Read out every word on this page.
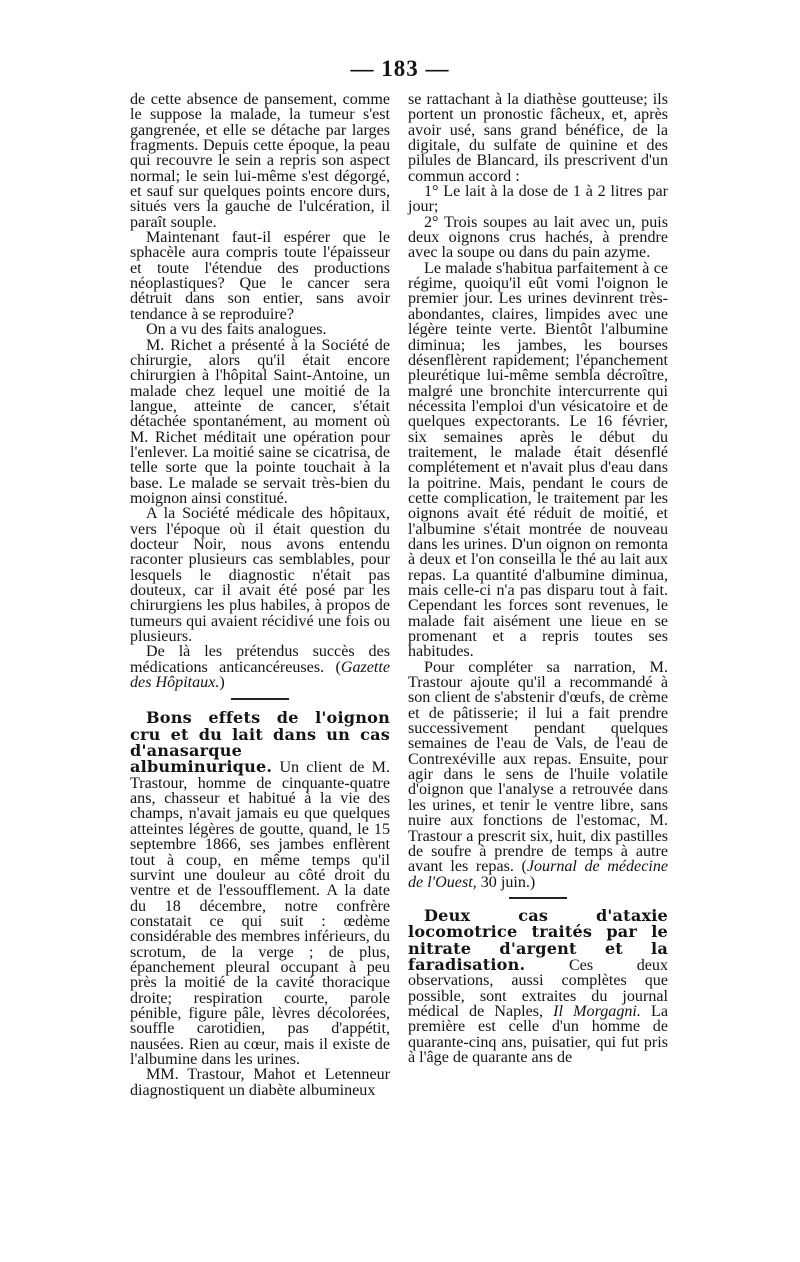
— 183 —

de cette absence de pansement, comme le suppose la malade, la tumeur s'est gangrenée, et elle se détache par larges fragments. Depuis cette époque, la peau qui recouvre le sein a repris son aspect normal; le sein lui-même s'est dégorgé, et sauf sur quelques points encore durs, situés vers la gauche de l'ulcération, il paraît souple.

Maintenant faut-il espérer que le sphacèle aura compris toute l'épaisseur et toute l'étendue des productions néoplastiques? Que le cancer sera détruit dans son entier, sans avoir tendance à se reproduire?

On a vu des faits analogues.

M. Richet a présenté à la Société de chirurgie, alors qu'il était encore chirurgien à l'hôpital Saint-Antoine, un malade chez lequel une moitié de la langue, atteinte de cancer, s'était détachée spontanément, au moment où M. Richet méditait une opération pour l'enlever. La moitié saine se cicatrisa, de telle sorte que la pointe touchait à la base. Le malade se servait très-bien du moignon ainsi constitué.

A la Société médicale des hôpitaux, vers l'époque où il était question du docteur Noir, nous avons entendu raconter plusieurs cas semblables, pour lesquels le diagnostic n'était pas douteux, car il avait été posé par les chirurgiens les plus habiles, à propos de tumeurs qui avaient récidivé une fois ou plusieurs.

De là les prétendus succès des médications anticancéreuses. (Gazette des Hôpitaux.)

Bons effets de l'oignon cru et du lait dans un cas d'anasarque albuminurique. Un client de M. Trastour, homme de cinquante-quatre ans, chasseur et habitué à la vie des champs, n'avait jamais eu que quelques atteintes légères de goutte, quand, le 15 septembre 1866, ses jambes enflèrent tout à coup, en même temps qu'il survint une douleur au côté droit du ventre et de l'essoufflement. A la date du 18 décembre, notre confrère constatait ce qui suit : œdème considérable des membres inférieurs, du scrotum, de la verge ; de plus, épanchement pleural occupant à peu près la moitié de la cavité thoracique droite; respiration courte, parole pénible, figure pâle, lèvres décolorées, souffle carotidien, pas d'appétit, nausées. Rien au cœur, mais il existe de l'albumine dans les urines.

MM. Trastour, Mahot et Letenneur diagnostiquent un diabète albumineux

se rattachant à la diathèse goutteuse; ils portent un pronostic fâcheux, et, après avoir usé, sans grand bénéfice, de la digitale, du sulfate de quinine et des pilules de Blancard, ils prescrivent d'un commun accord :

1° Le lait à la dose de 1 à 2 litres par jour;

2° Trois soupes au lait avec un, puis deux oignons crus hachés, à prendre avec la soupe ou dans du pain azyme.

Le malade s'habitua parfaitement à ce régime, quoiqu'il eût vomi l'oignon le premier jour. Les urines devinrent très-abondantes, claires, limpides avec une légère teinte verte. Bientôt l'albumine diminua; les jambes, les bourses désenflèrent rapidement; l'épanchement pleurétique lui-même sembla décroître, malgré une bronchite intercurrente qui nécessita l'emploi d'un vésicatoire et de quelques expectorants. Le 16 février, six semaines après le début du traitement, le malade était désenflé complétement et n'avait plus d'eau dans la poitrine. Mais, pendant le cours de cette complication, le traitement par les oignons avait été réduit de moitié, et l'albumine s'était montrée de nouveau dans les urines. D'un oignon on remonta à deux et l'on conseilla le thé au lait aux repas. La quantité d'albumine diminua, mais celle-ci n'a pas disparu tout à fait. Cependant les forces sont revenues, le malade fait aisément une lieue en se promenant et a repris toutes ses habitudes.

Pour compléter sa narration, M. Trastour ajoute qu'il a recommandé à son client de s'abstenir d'œufs, de crème et de pâtisserie; il lui a fait prendre successivement pendant quelques semaines de l'eau de Vals, de l'eau de Contrexéville aux repas. Ensuite, pour agir dans le sens de l'huile volatile d'oignon que l'analyse a retrouvée dans les urines, et tenir le ventre libre, sans nuire aux fonctions de l'estomac, M. Trastour a prescrit six, huit, dix pastilles de soufre à prendre de temps à autre avant les repas. (Journal de médecine de l'Ouest, 30 juin.)

Deux cas d'ataxie locomotrice traités par le nitrate d'argent et la faradisation. Ces deux observations, aussi complètes que possible, sont extraites du journal médical de Naples, Il Morgagni. La première est celle d'un homme de quarante-cinq ans, puisatier, qui fut pris à l'âge de quarante ans de
